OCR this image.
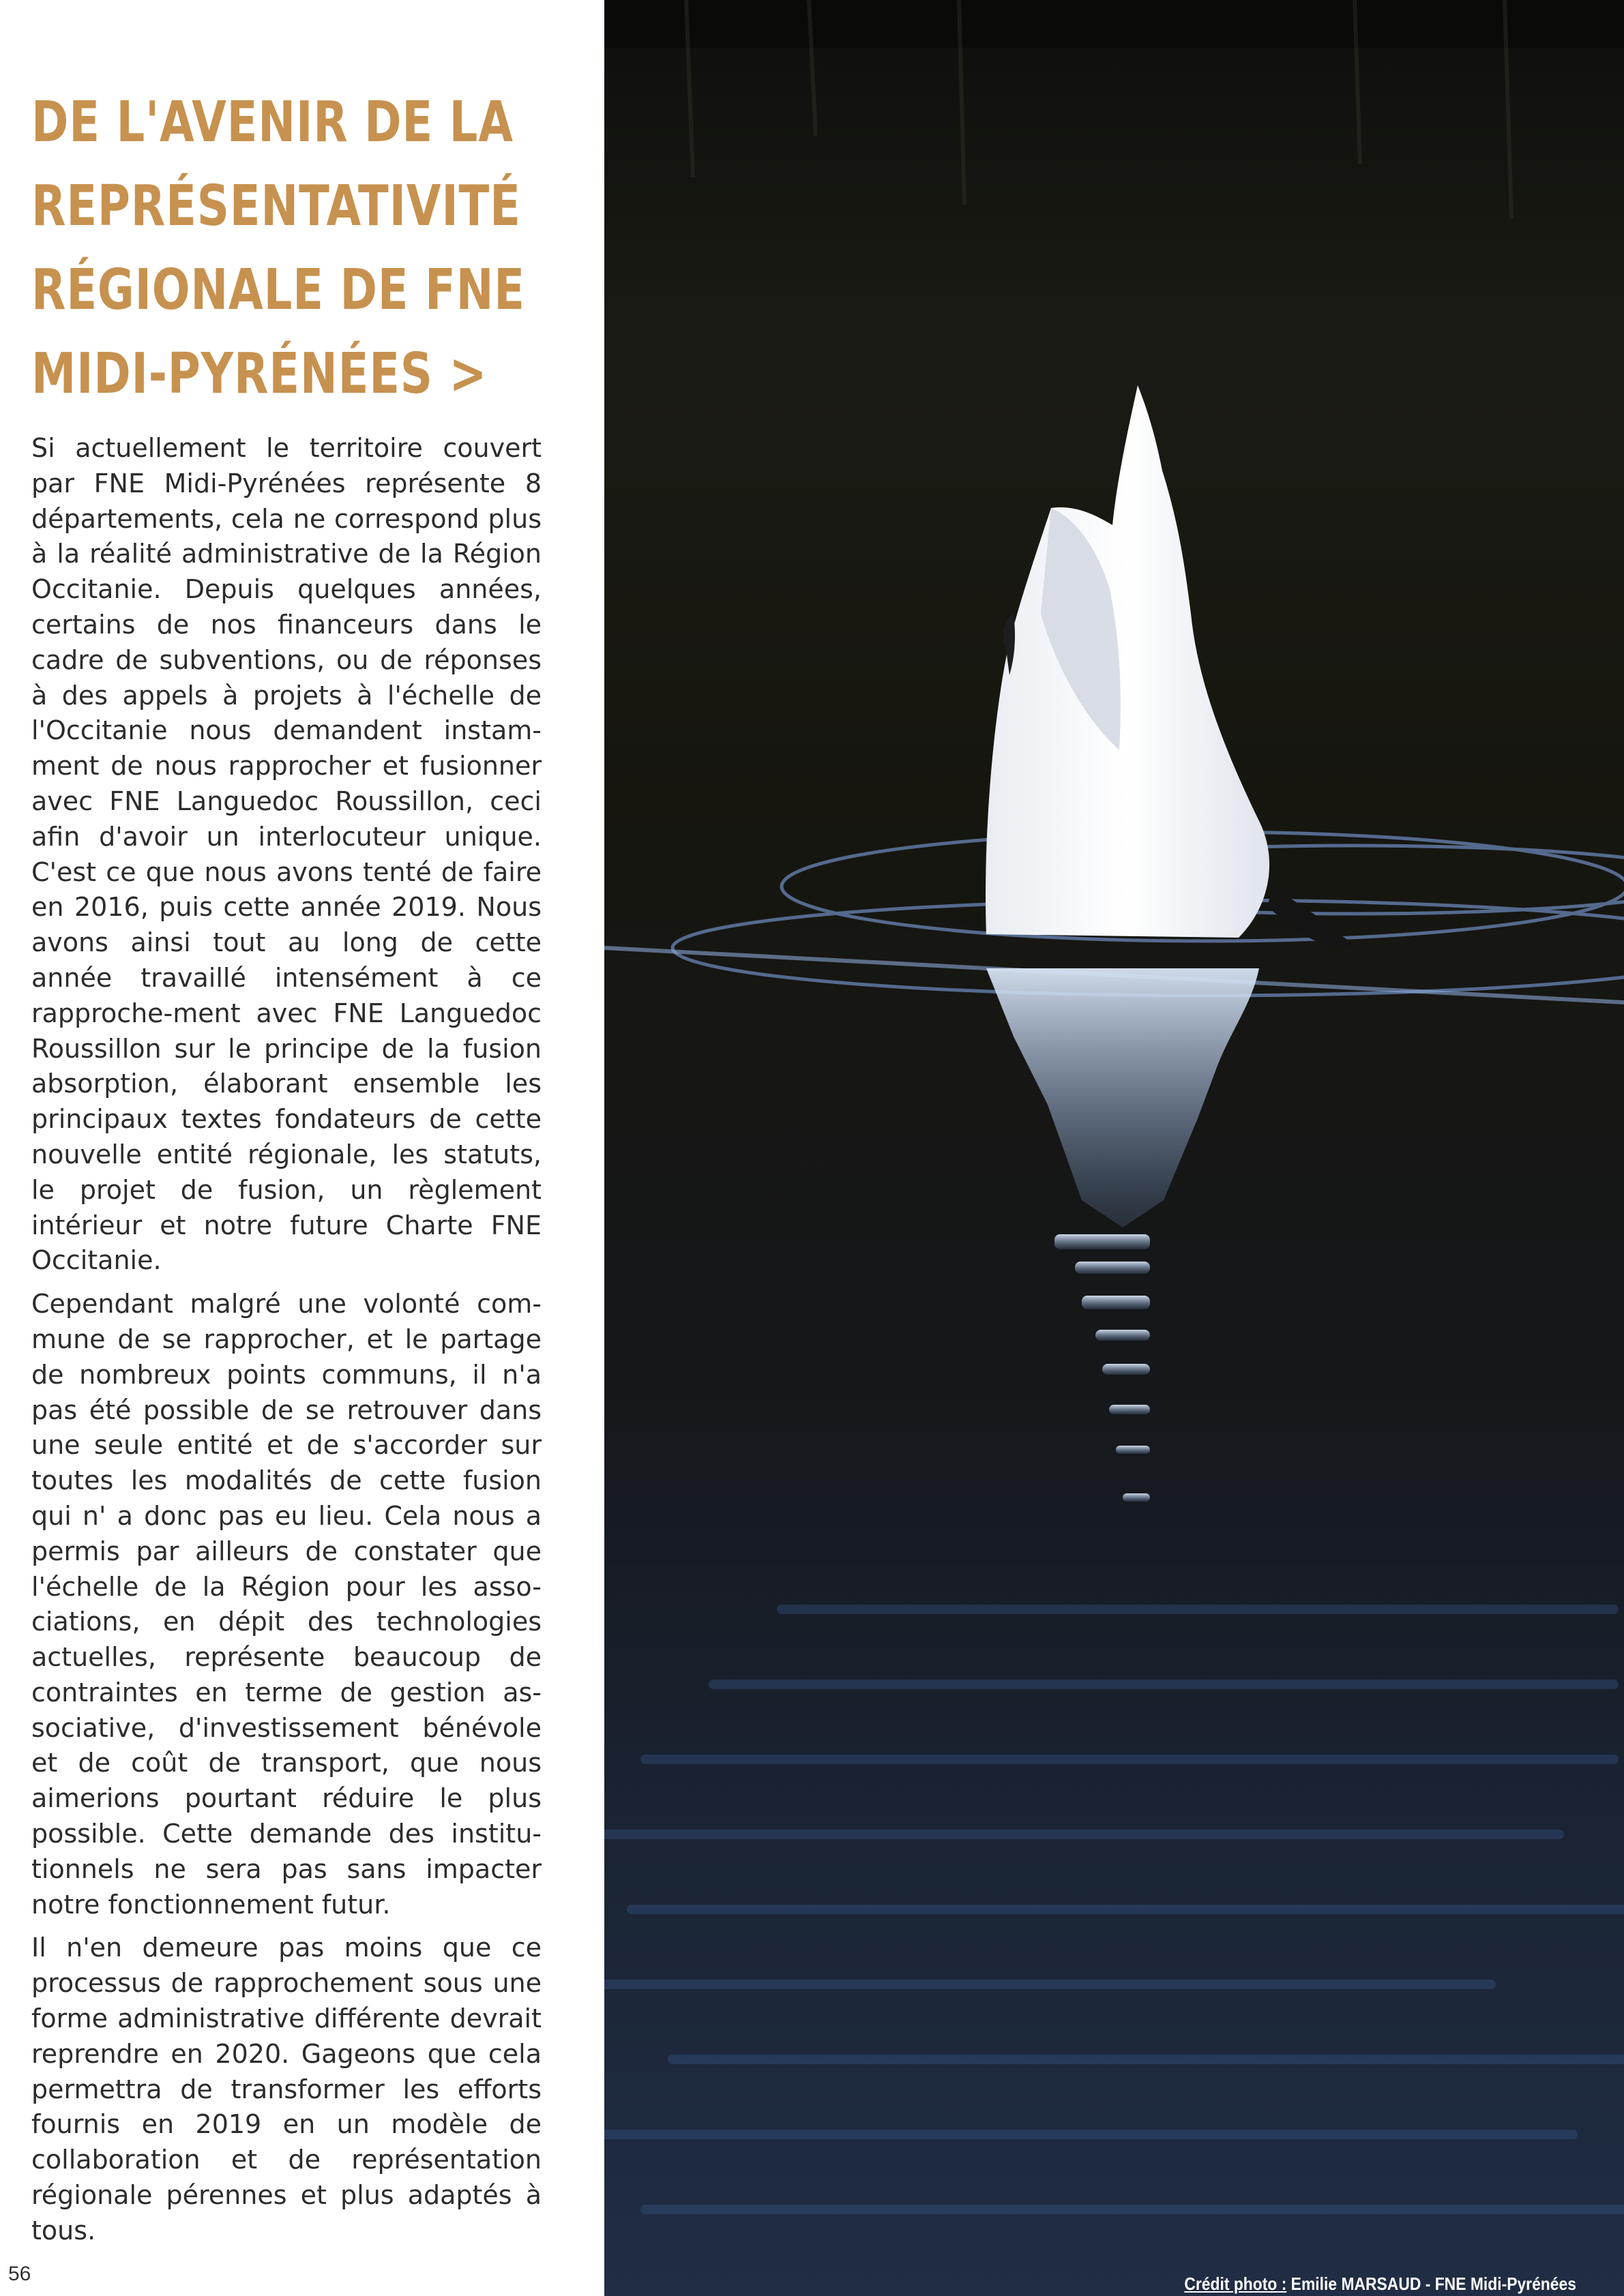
DE L'AVENIR DE LA
REPRÉSENTATIVITÉ
RÉGIONALE DE FNE
MIDI-PYRÉNÉES >

Si actuellement le territoire couvert par FNE Midi-Pyrénées représente 8 départements, cela ne correspond plus à la réalité administrative de la Région Occitanie. Depuis quelques années, certains de nos financeurs dans le cadre de subventions, ou de réponses à des appels à projets à l'échelle de l'Occitanie nous demandent instam-ment de nous rapprocher et fusionner avec FNE Languedoc Roussillon, ceci afin d'avoir un interlocuteur unique. C'est ce que nous avons tenté de faire en 2016, puis cette année 2019. Nous avons ainsi tout au long de cette année travaillé intensément à ce rapproche-ment avec FNE Languedoc Roussillon sur le principe de la fusion absorption, élaborant ensemble les principaux textes fondateurs de cette nouvelle entité régionale, les statuts, le projet de fusion, un règlement intérieur et notre future Charte FNE Occitanie.

Cependant malgré une volonté com-mune de se rapprocher, et le partage de nombreux points communs, il n'a pas été possible de se retrouver dans une seule entité et de s'accorder sur toutes les modalités de cette fusion qui n' a donc pas eu lieu. Cela nous a permis par ailleurs de constater que l'échelle de la Région pour les asso-ciations, en dépit des technologies actuelles, représente beaucoup de contraintes en terme de gestion as-sociative, d'investissement bénévole et de coût de transport, que nous aimerions pourtant réduire le plus possible. Cette demande des institu-tionnels ne sera pas sans impacter notre fonctionnement futur.

Il n'en demeure pas moins que ce processus de rapprochement sous une forme administrative différente devrait reprendre en 2020. Gageons que cela permettra de transformer les efforts fournis en 2019 en un modèle de collaboration et de représentation régionale pérennes et plus adaptés à tous.

56	Crédit photo : Emilie MARSAUD - FNE Midi-Pyrénées
